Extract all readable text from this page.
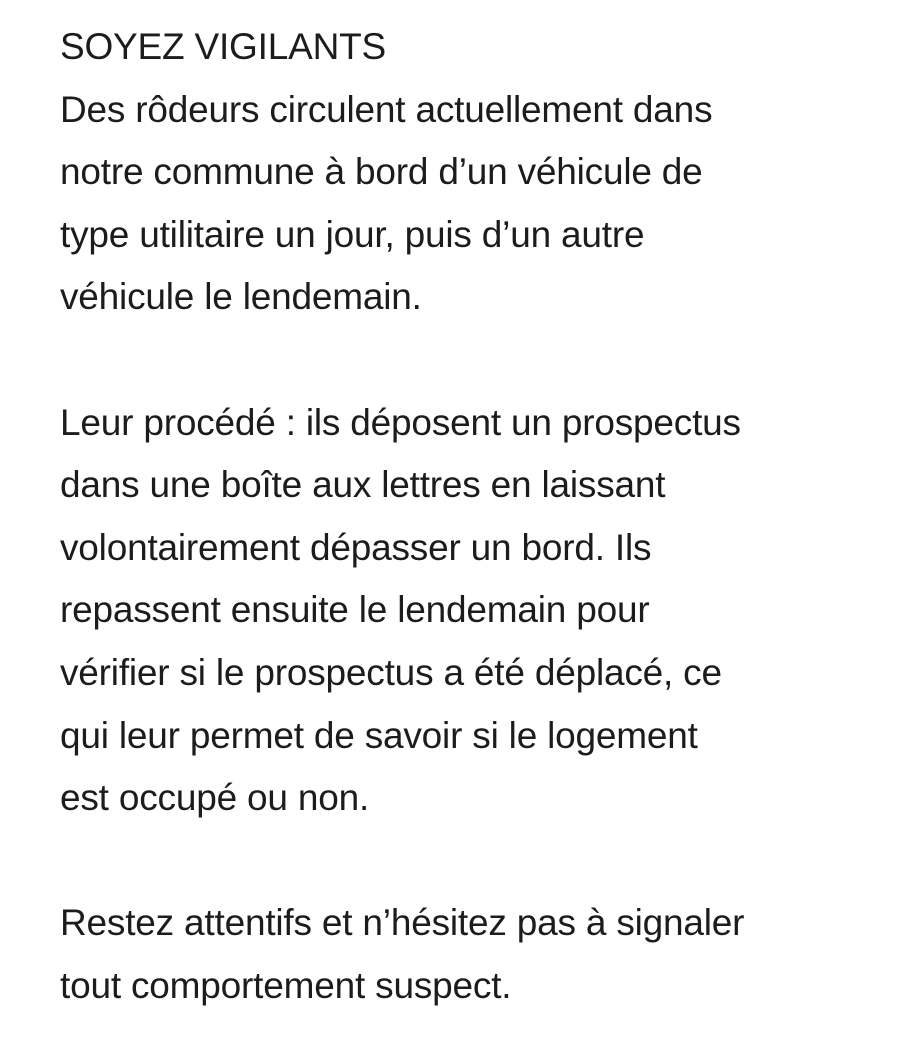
SOYEZ VIGILANTS
Des rôdeurs circulent actuellement dans
notre commune à bord d’un véhicule de
type utilitaire un jour, puis d’un autre
véhicule le lendemain.
Leur procédé : ils déposent un prospectus
dans une boîte aux lettres en laissant
volontairement dépasser un bord. Ils
repassent ensuite le lendemain pour
vérifier si le prospectus a été déplacé, ce
qui leur permet de savoir si le logement
est occupé ou non.
Restez attentifs et n’hésitez pas à signaler
tout comportement suspect.
